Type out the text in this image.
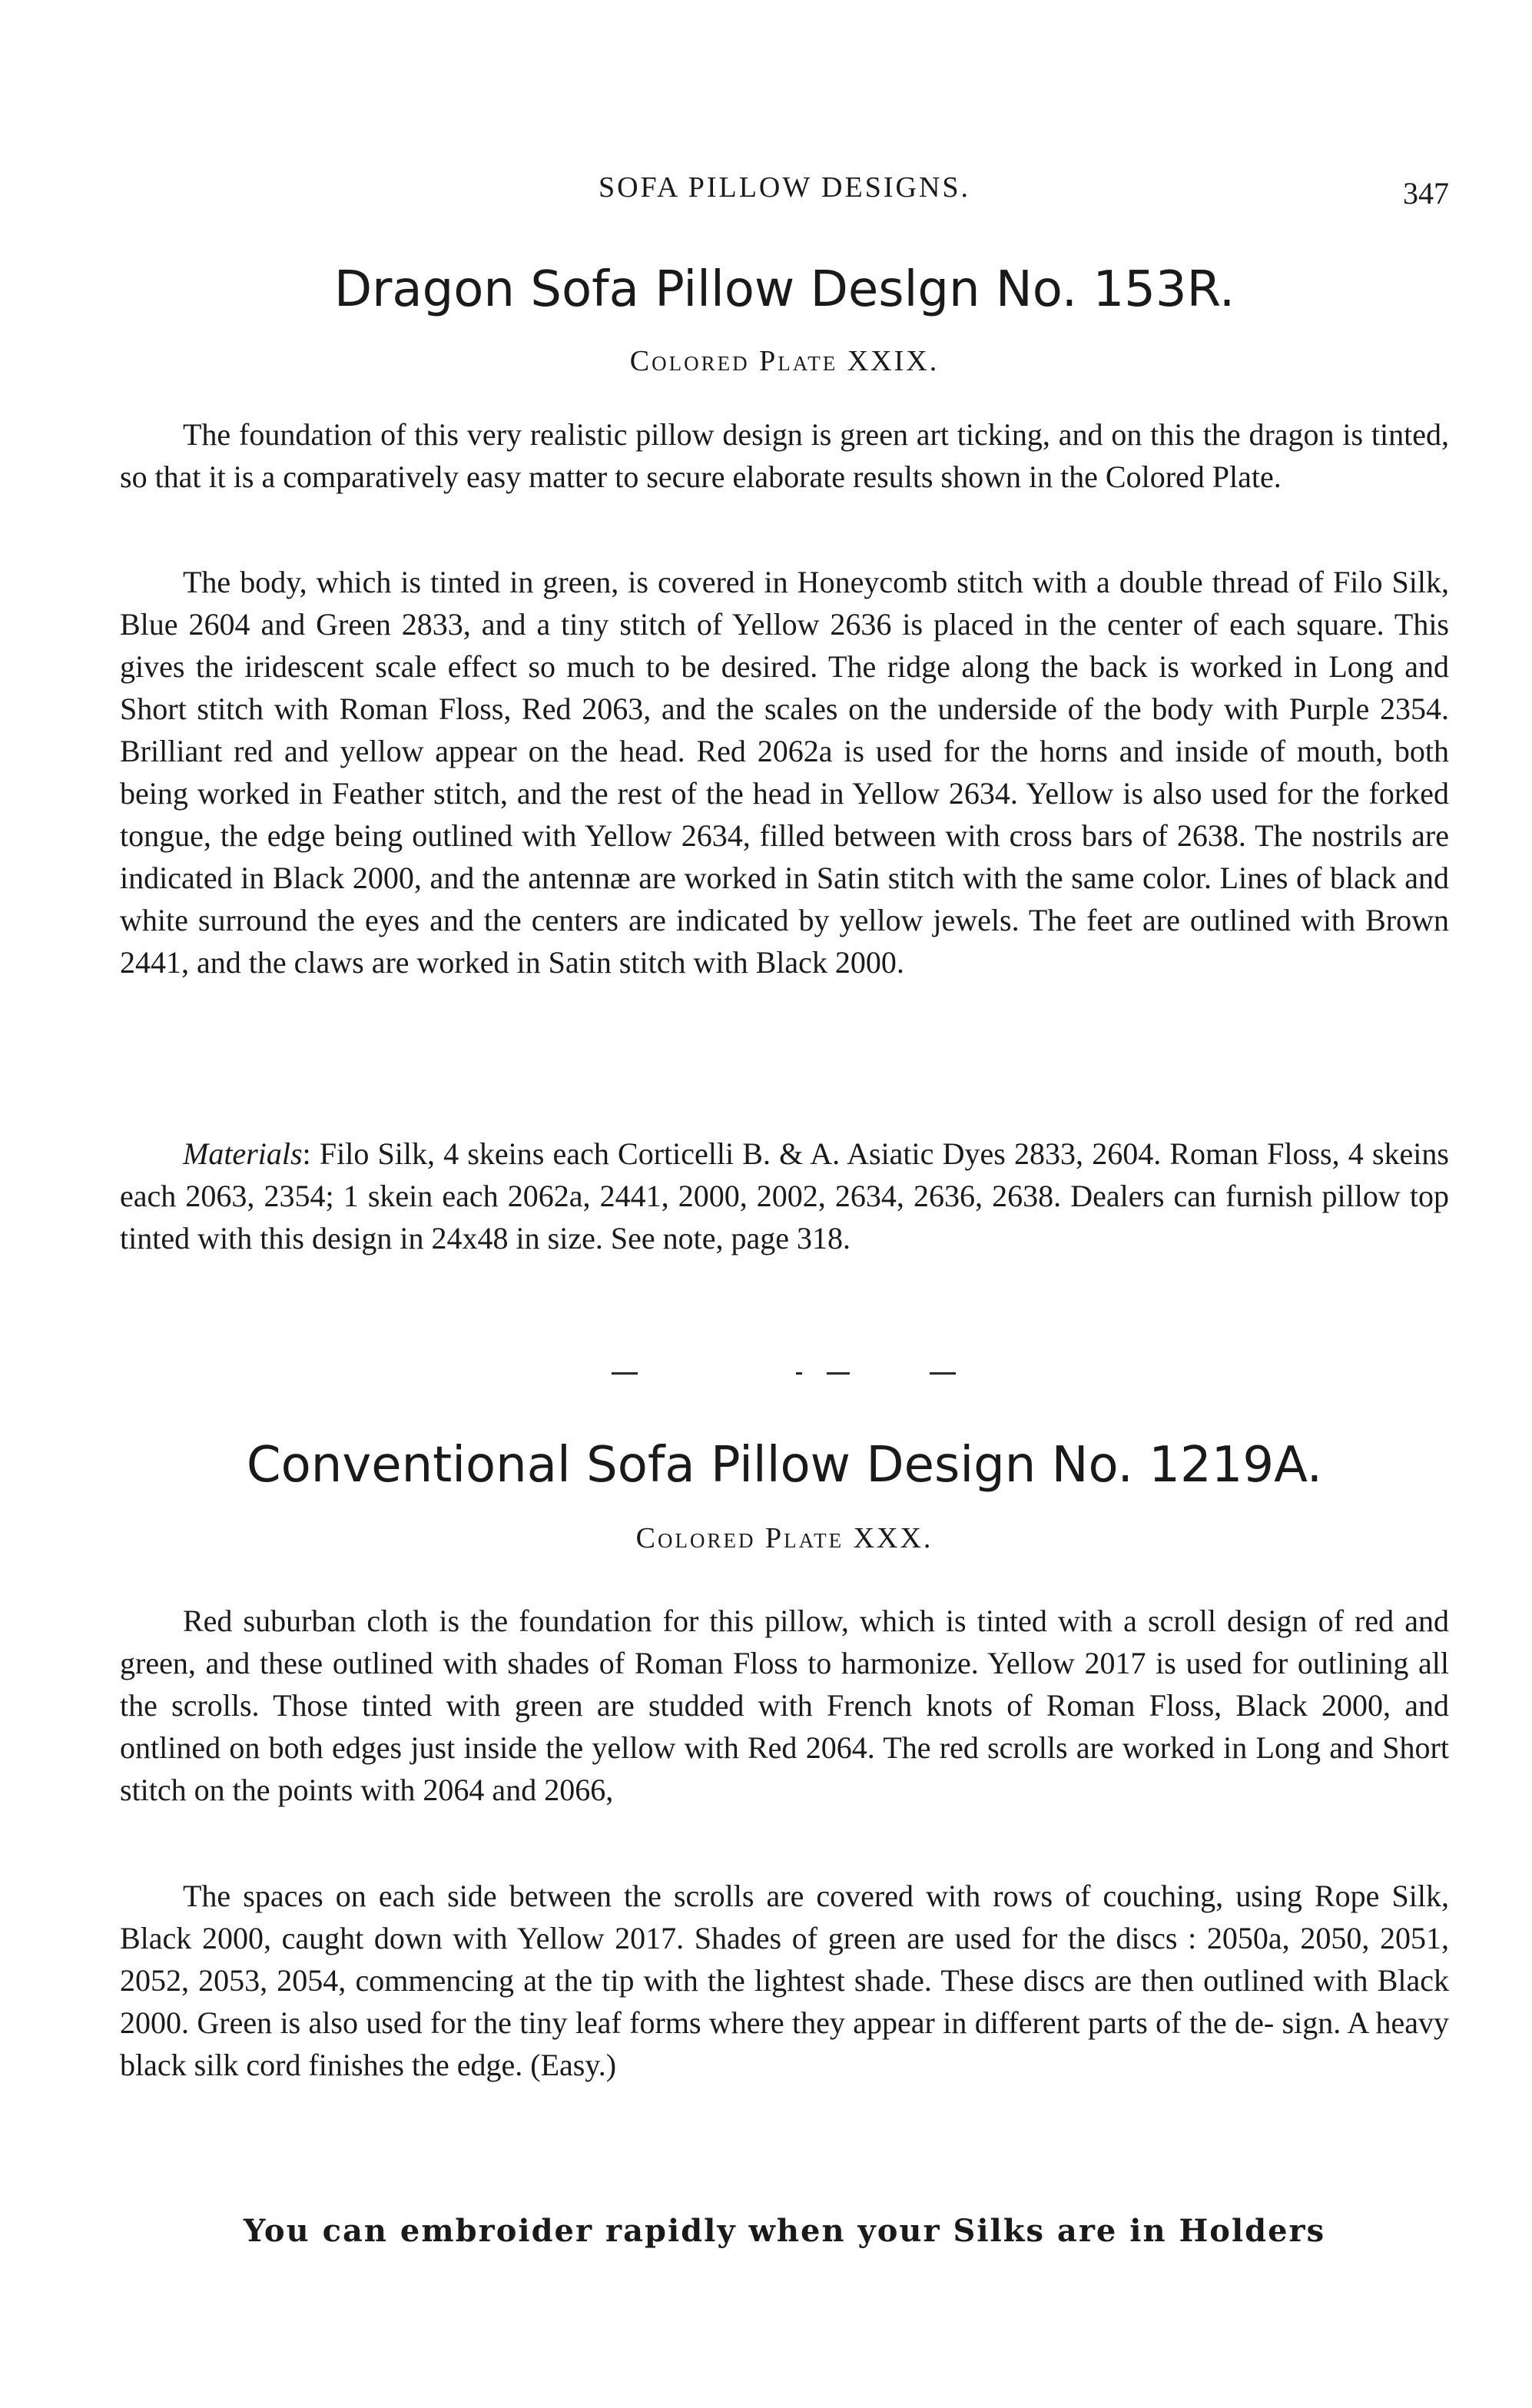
SOFA PILLOW DESIGNS.	347
Dragon Sofa Pillow Deslgn No. 153R.
Colored Plate XXIX.

The foundation of this very realistic pillow design is green art ticking, and on this the dragon is tinted, so that it is a comparatively easy matter to secure elaborate results shown in the Colored Plate.

The body, which is tinted in green, is covered in Honeycomb stitch with a double thread of Filo Silk, Blue 2604 and Green 2833, and a tiny stitch of Yellow 2636 is placed in the center of each square. This gives the iridescent scale effect so much to be desired. The ridge along the back is worked in Long and Short stitch with Roman Floss, Red 2063, and the scales on the underside of the body with Purple 2354. Brilliant red and yellow appear on the head. Red 2062a is used for the horns and inside of mouth, both being worked in Feather stitch, and the rest of the head in Yellow 2634. Yellow is also used for the forked tongue, the edge being outlined with Yellow 2634, filled between with cross bars of 2638. The nostrils are indicated in Black 2000, and the antennæ are worked in Satin stitch with the same color. Lines of black and white surround the eyes and the centers are indicated by yellow jewels. The feet are outlined with Brown 2441, and the claws are worked in Satin stitch with Black 2000.

Materials: Filo Silk, 4 skeins each Corticelli B. & A. Asiatic Dyes 2833, 2604. Roman Floss, 4 skeins each 2063, 2354; 1 skein each 2062a, 2441, 2000, 2002, 2634, 2636, 2638. Dealers can furnish pillow top tinted with this design in 24x48 in size. See note, page 318.

Conventional Sofa Pillow Design No. 1219A.
Colored Plate XXX.

Red suburban cloth is the foundation for this pillow, which is tinted with a scroll design of red and green, and these outlined with shades of Roman Floss to harmonize. Yellow 2017 is used for outlining all the scrolls. Those tinted with green are studded with French knots of Roman Floss, Black 2000, and ontlined on both edges just inside the yellow with Red 2064. The red scrolls are worked in Long and Short stitch on the points with 2064 and 2066,

The spaces on each side between the scrolls are covered with rows of couching, using Rope Silk, Black 2000, caught down with Yellow 2017. Shades of green are used for the discs : 2050a, 2050, 2051, 2052, 2053, 2054, commencing at the tip with the lightest shade. These discs are then outlined with Black 2000. Green is also used for the tiny leaf forms where they appear in different parts of the de- sign. A heavy black silk cord finishes the edge. (Easy.)

You can embroider rapidly when your Silks are in Holders
